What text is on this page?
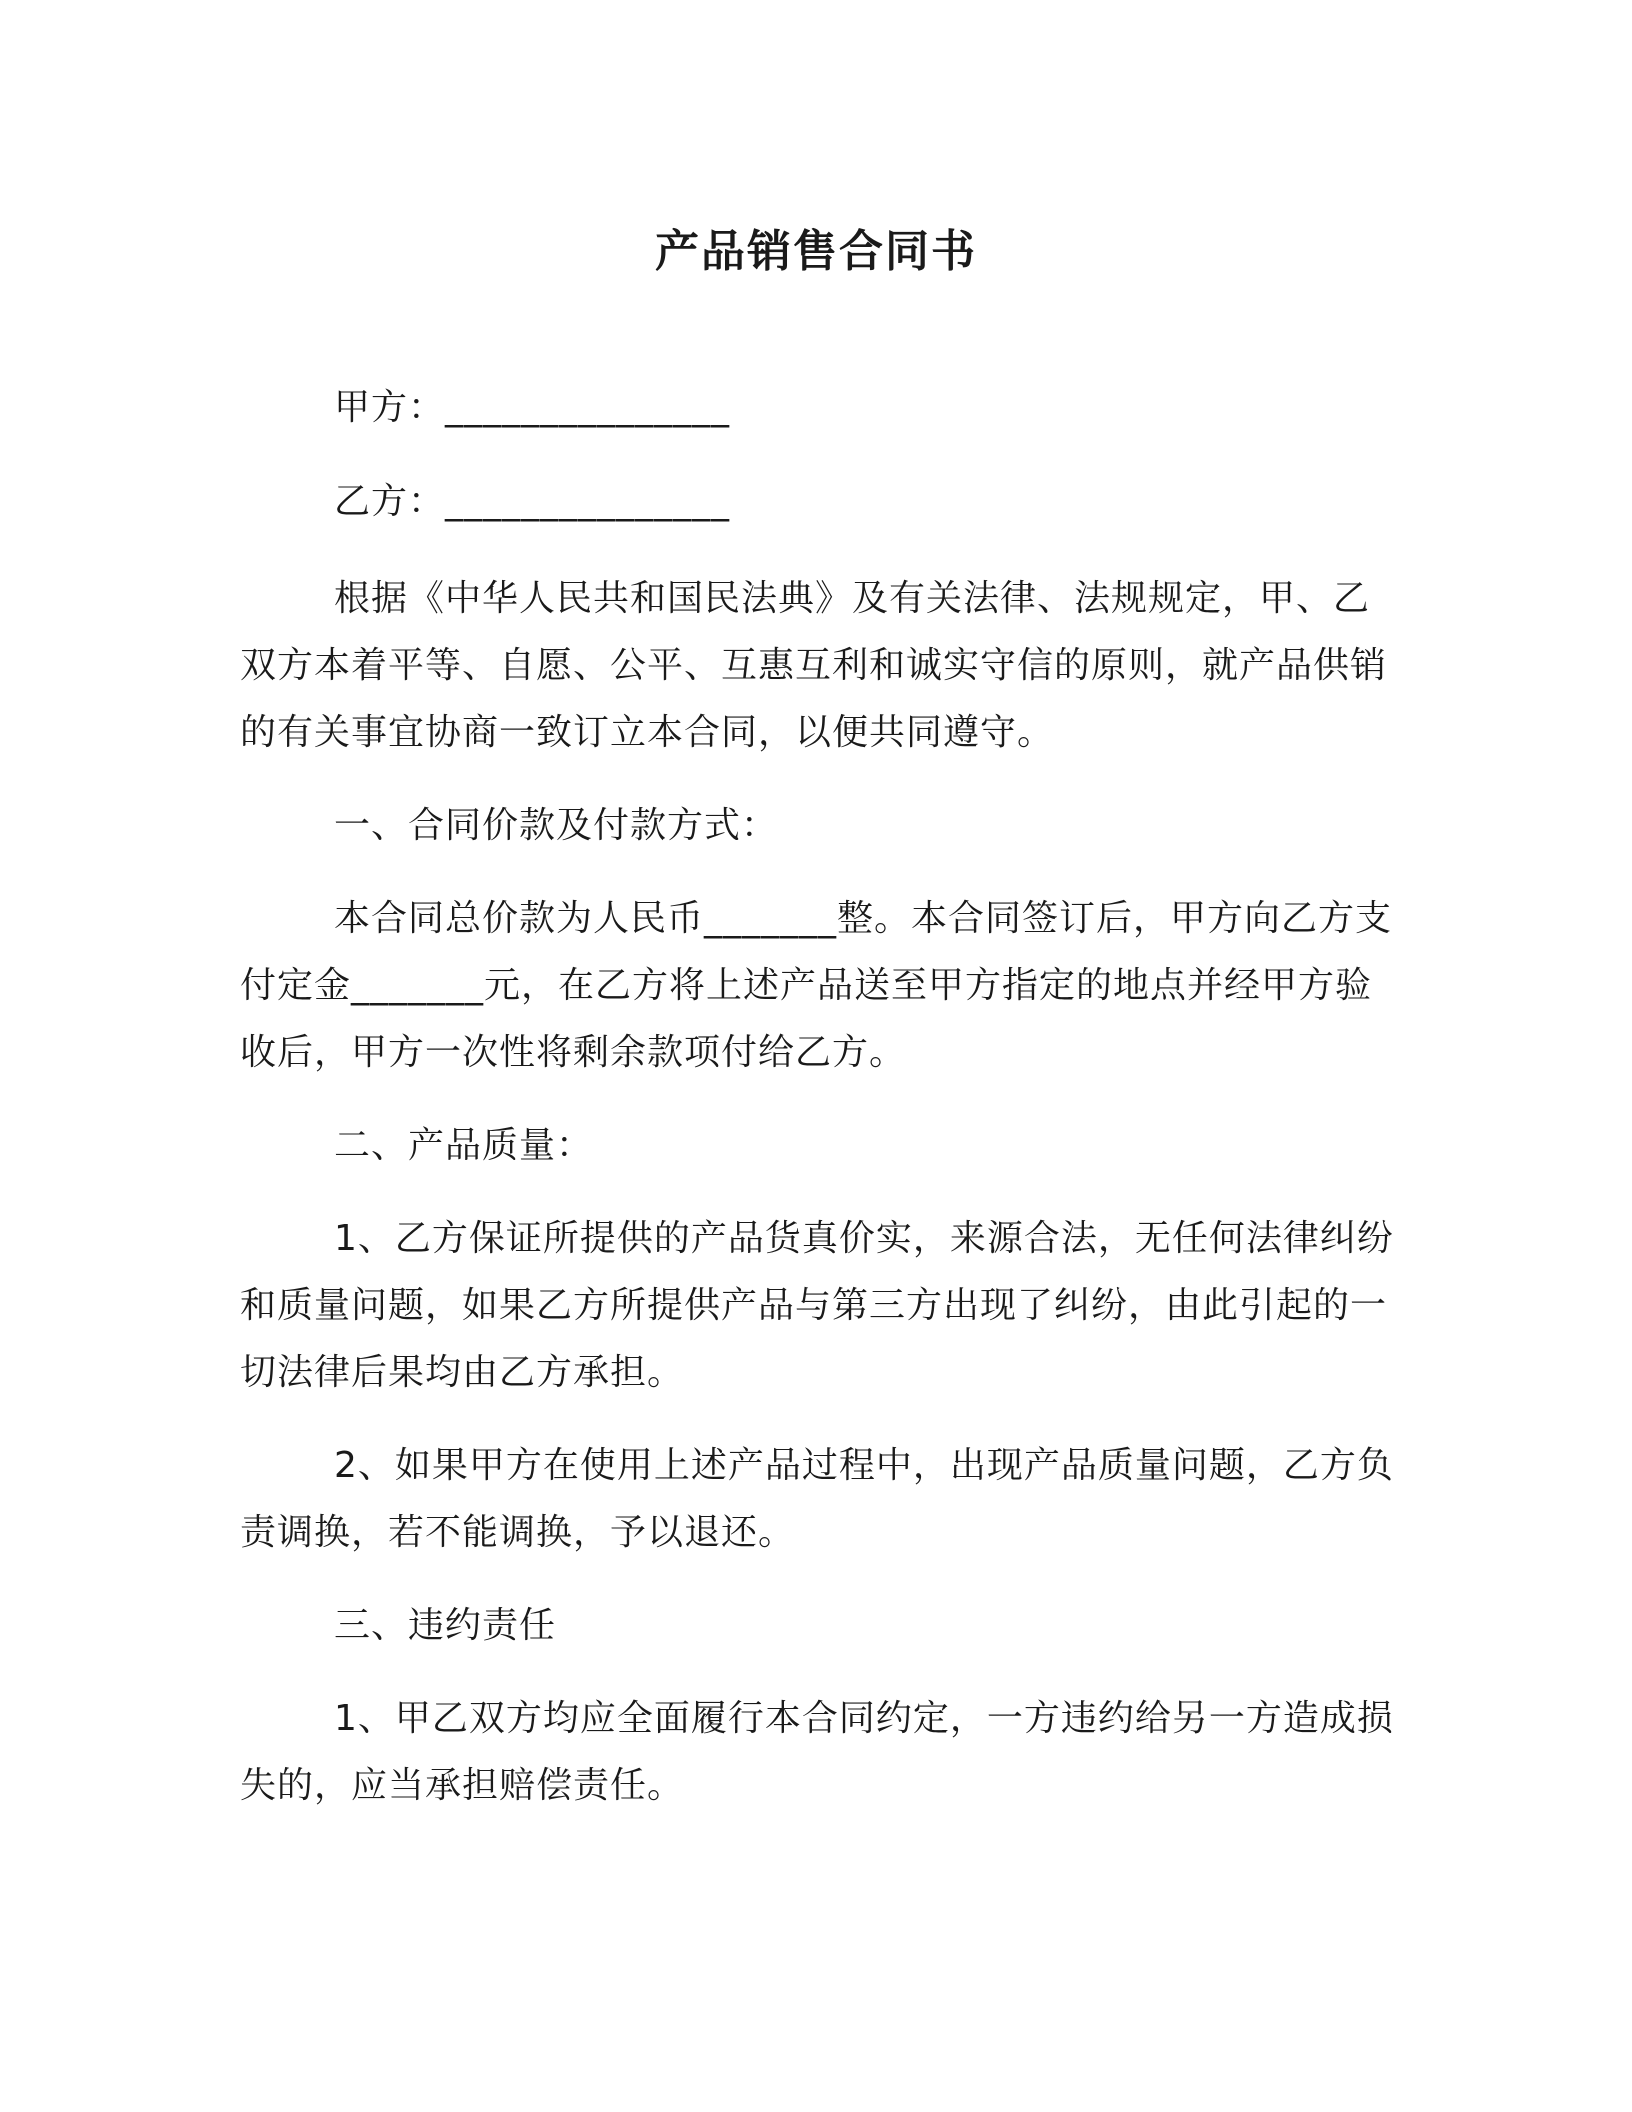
产品销售合同书
甲方：_______________
乙方：_______________
根据《中华人民共和国民法典》及有关法律、法规规定，甲、乙双方本着平等、自愿、公平、互惠互利和诚实守信的原则，就产品供销的有关事宜协商一致订立本合同，以便共同遵守。
一、合同价款及付款方式：
本合同总价款为人民币_______整。本合同签订后，甲方向乙方支付定金_______元，在乙方将上述产品送至甲方指定的地点并经甲方验收后，甲方一次性将剩余款项付给乙方。
二、产品质量：
1、乙方保证所提供的产品货真价实，来源合法，无任何法律纠纷和质量问题，如果乙方所提供产品与第三方出现了纠纷，由此引起的一切法律后果均由乙方承担。
2、如果甲方在使用上述产品过程中，出现产品质量问题，乙方负责调换，若不能调换，予以退还。
三、违约责任
1、甲乙双方均应全面履行本合同约定，一方违约给另一方造成损失的，应当承担赔偿责任。
